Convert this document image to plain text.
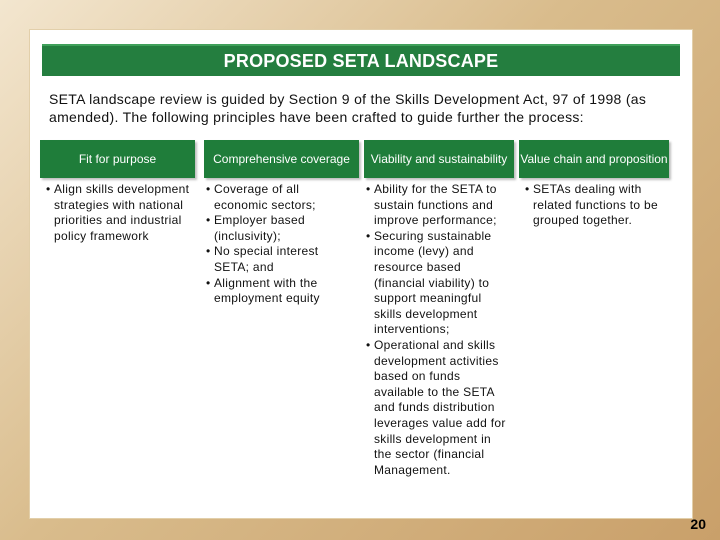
PROPOSED SETA LANDSCAPE
SETA landscape review is guided by Section 9 of the Skills Development Act, 97 of 1998 (as amended). The following principles have been crafted to guide further the process:
Fit for purpose	Comprehensive coverage Viability and sustainability Value chain and proposition
• Align skills development strategies with national priorities and industrial policy framework
• Coverage of all economic sectors;
• Employer based (inclusivity);
• No special interest SETA; and
• Alignment with the employment equity
• Ability for the SETA to sustain functions and improve performance;
• Securing sustainable income (levy) and resource based (financial viability) to support meaningful skills development interventions;
• Operational and skills development activities based on funds available to the SETA and funds distribution leverages value add for skills development in the sector (financial Management.
• SETAs dealing with related functions to be grouped together.
20
